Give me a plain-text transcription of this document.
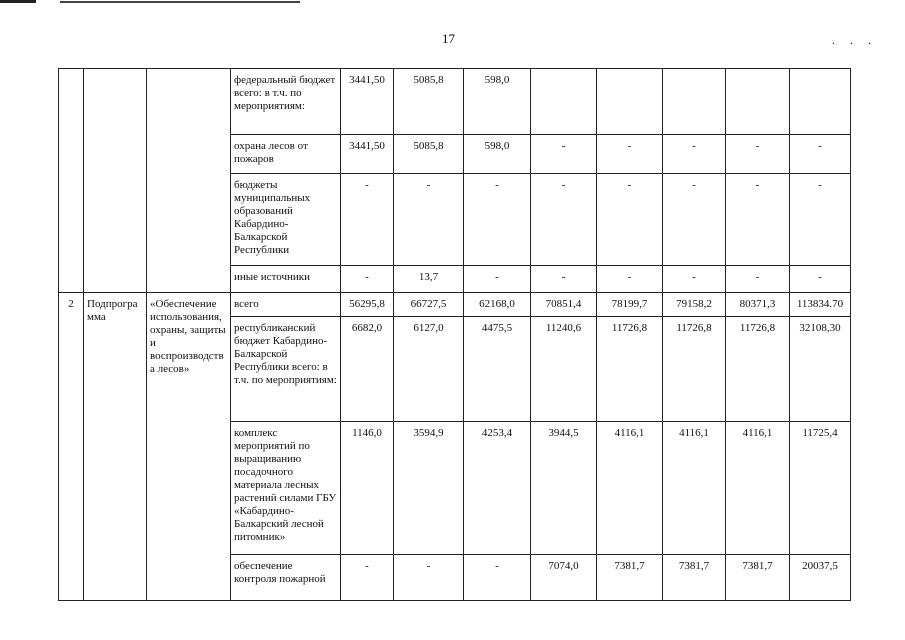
17	. . .
			федеральный бюджет всего: в т.ч. по мероприятиям:	3441,50	5085,8	598,0					
			охрана лесов от пожаров	3441,50	5085,8	598,0	-	-	-	-	-
			бюджеты муниципальных образований Кабардино-Балкарской Республики	-	-	-	-	-	-	-	-
			иные источники	-	13,7	-	-	-	-	-	-
2	Подпрограмма	«Обеспечение использования, охраны, защиты и воспроизводства лесов»	всего	56295,8	66727,5	62168,0	70851,4	78199,7	79158,2	80371,3	113834.70
			республиканский бюджет Кабардино-Балкарской Республики всего: в т.ч. по мероприятиям:	6682,0	6127,0	4475,5	11240,6	11726,8	11726,8	11726,8	32108,30
			комплекс мероприятий по выращиванию посадочного материала лесных растений силами ГБУ «Кабардино-Балкарский лесной питомник»	1146,0	3594,9	4253,4	3944,5	4116,1	4116,1	4116,1	11725,4
			обеспечение контроля пожарной	-	-	-	7074,0	7381,7	7381,7	7381,7	20037,5
